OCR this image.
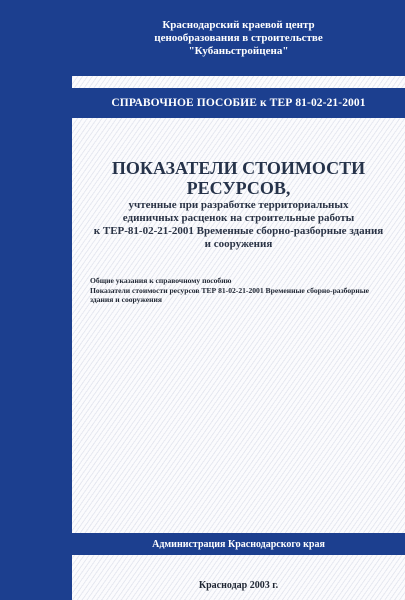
Краснодарский краевой центр
ценообразования в строительстве
"Кубаньстройцена"
СПРАВОЧНОЕ ПОСОБИЕ к ТЕР 81-02-21-2001
ПОКАЗАТЕЛИ СТОИМОСТИ РЕСУРСОВ,
учтенные при разработке территориальных
единичных расценок на строительные работы
к ТЕР-81-02-21-2001 Временные сборно-разборные здания
и сооружения
Общие указания к справочному пособию
Показатели стоимости ресурсов ТЕР 81-02-21-2001 Временные сборно-разборные
здания и сооружения
Администрация Краснодарского края
Краснодар 2003 г.
